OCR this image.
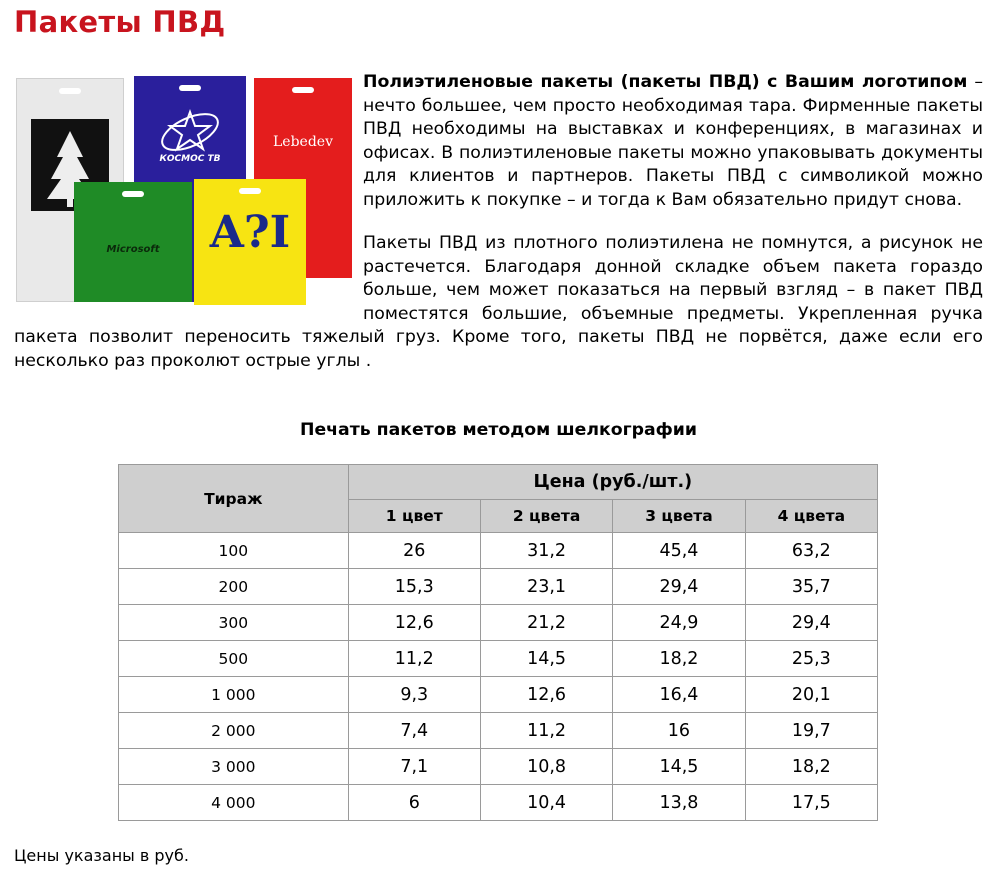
Пакеты ПВД

Полиэтиленовые пакеты (пакеты ПВД) с Вашим логотипом – нечто большее, чем просто необходимая тара. Фирменные пакеты ПВД необходимы на выставках и конференциях, в магазинах и офисах. В полиэтиленовые пакеты можно упаковывать документы для клиентов и партнеров. Пакеты ПВД с символикой можно приложить к покупке – и тогда к Вам обязательно придут снова.

Пакеты ПВД из плотного полиэтилена не помнутся, а рисунок не растечется. Благодаря донной складке объем пакета гораздо больше, чем может показаться на первый взгляд – в пакет ПВД поместятся большие, объемные предметы. Укрепленная ручка пакета позволит переносить тяжелый груз. Кроме того, пакеты ПВД не порвётся, даже если его несколько раз проколют острые углы .

КОСМОС ТВ
Lebedev
Microsoft	A?I
Печать пакетов методом шелкографии
Тираж	Цена (руб./шт.)			
	1 цвет	2 цвета	3 цвета	4 цвета
100	26	31,2	45,4	63,2
200	15,3	23,1	29,4	35,7
300	12,6	21,2	24,9	29,4
500	11,2	14,5	18,2	25,3
1 000	9,3	12,6	16,4	20,1
2 000	7,4	11,2	16	19,7
3 000	7,1	10,8	14,5	18,2
4 000	6	10,4	13,8	17,5

Цены указаны в руб.
